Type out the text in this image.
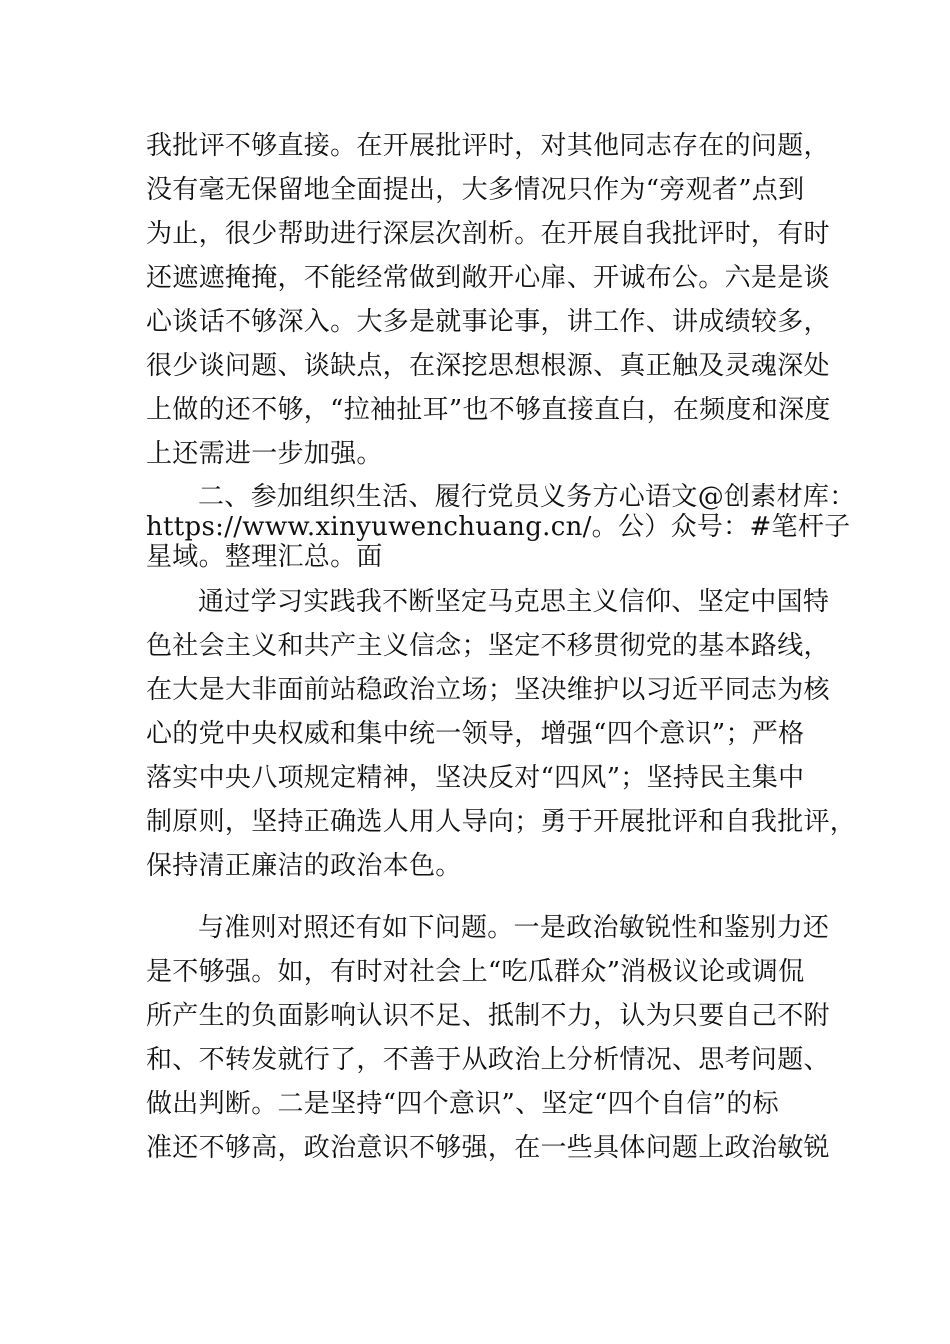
我批评不够直接。在开展批评时，对其他同志存在的问题，
没有毫无保留地全面提出，大多情况只作为“旁观者”点到
为止，很少帮助进行深层次剖析。在开展自我批评时，有时
还遮遮掩掩，不能经常做到敞开心扉、开诚布公。六是是谈
心谈话不够深入。大多是就事论事，讲工作、讲成绩较多，
很少谈问题、谈缺点，在深挖思想根源、真正触及灵魂深处
上做的还不够，“拉袖扯耳”也不够直接直白，在频度和深度
上还需进一步加强。
二、参加组织生活、履行党员义务方心语文@创素材库：
https://www.xinyuwenchuang.cn/。公）众号：#笔杆子
星域。整理汇总。面
通过学习实践我不断坚定马克思主义信仰、坚定中国特
色社会主义和共产主义信念；坚定不移贯彻党的基本路线，
在大是大非面前站稳政治立场；坚决维护以习近平同志为核
心的党中央权威和集中统一领导，增强“四个意识”；严格
落实中央八项规定精神，坚决反对“四风”；坚持民主集中
制原则，坚持正确选人用人导向；勇于开展批评和自我批评，
保持清正廉洁的政治本色。
与准则对照还有如下问题。一是政治敏锐性和鉴别力还
是不够强。如，有时对社会上“吃瓜群众”消极议论或调侃
所产生的负面影响认识不足、抵制不力，认为只要自己不附
和、不转发就行了，不善于从政治上分析情况、思考问题、
做出判断。二是坚持“四个意识”、坚定“四个自信”的标
准还不够高，政治意识不够强，在一些具体问题上政治敏锐
